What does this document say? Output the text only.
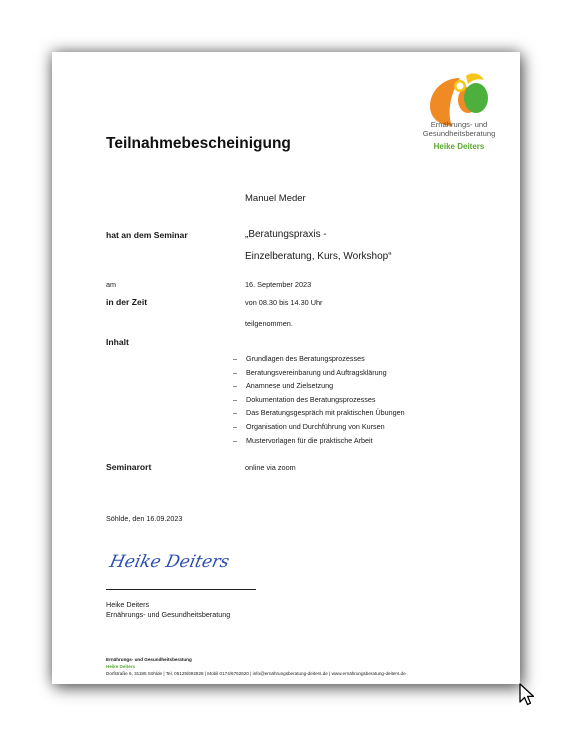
Ernährungs- und
Gesundheitsberatung
Heike Deiters
Teilnahmebescheinigung
Manuel Meder
hat an dem Seminar	„Beratungspraxis -
Einzelberatung, Kurs, Workshop“
am	16. September 2023
in der Zeit	von 08.30 bis 14.30 Uhr
teilgenommen.
Inhalt
– Grundlagen des Beratungsprozesses
– Beratungsvereinbarung und Auftragsklärung
– Anamnese und Zielsetzung
– Dokumentation des Beratungsprozesses
– Das Beratungsgespräch mit praktischen Übungen
– Organisation und Durchführung von Kursen
– Mustervorlagen für die praktische Arbeit
Seminarort	online via zoom
Söhlde, den 16.09.2023
Heike Deiters
Heike Deiters
Ernährungs- und Gesundheitsberatung
Ernährungs- und Gesundheitsberatung
Heike Deiters
Dorfstraße 6, 31185 Söhlde | Tel. 05129/692828 | Mobil 0174/6762620 | info@ernährungsberatung-deiters.de | www.ernährungsberatung-deiters.de
